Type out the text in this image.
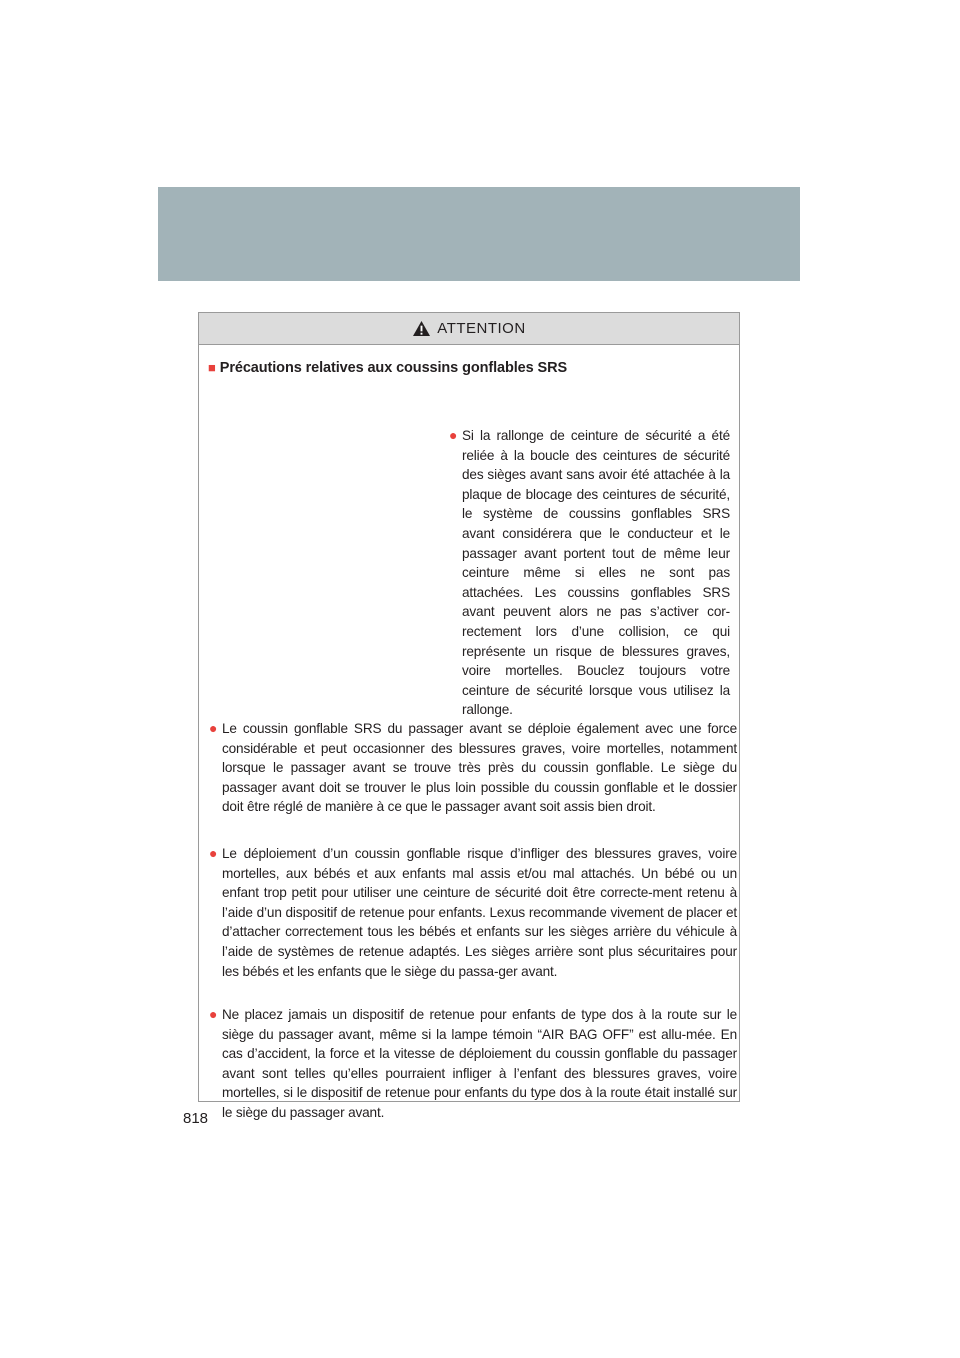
ATTENTION
■ Précautions relatives aux coussins gonflables SRS
● Si la rallonge de ceinture de sécurité a été reliée à la boucle des ceintures de sécurité des sièges avant sans avoir été attachée à la plaque de blocage des ceintures de sécurité, le système de coussins gonflables SRS avant considérera que le conducteur et le passager avant portent tout de même leur ceinture même si elles ne sont pas attachées. Les coussins gonflables SRS avant peuvent alors ne pas s’activer cor-rectement lors d’une collision, ce qui représente un risque de blessures graves, voire mortelles. Bouclez toujours votre ceinture de sécurité lorsque vous utilisez la rallonge.
● Le coussin gonflable SRS du passager avant se déploie également avec une force considérable et peut occasionner des blessures graves, voire mortelles, notamment lorsque le passager avant se trouve très près du coussin gonflable. Le siège du passager avant doit se trouver le plus loin possible du coussin gonflable et le dossier doit être réglé de manière à ce que le passager avant soit assis bien droit.
● Le déploiement d’un coussin gonflable risque d’infliger des blessures graves, voire mortelles, aux bébés et aux enfants mal assis et/ou mal attachés. Un bébé ou un enfant trop petit pour utiliser une ceinture de sécurité doit être correcte-ment retenu à l’aide d’un dispositif de retenue pour enfants. Lexus recommande vivement de placer et d’attacher correctement tous les bébés et enfants sur les sièges arrière du véhicule à l’aide de systèmes de retenue adaptés. Les sièges arrière sont plus sécuritaires pour les bébés et les enfants que le siège du passa-ger avant.
● Ne placez jamais un dispositif de retenue pour enfants de type dos à la route sur le siège du passager avant, même si la lampe témoin “AIR BAG OFF” est allu-mée. En cas d’accident, la force et la vitesse de déploiement du coussin gonflable du passager avant sont telles qu’elles pourraient infliger à l’enfant des blessures graves, voire mortelles, si le dispositif de retenue pour enfants du type dos à la route était installé sur le siège du passager avant.
818
